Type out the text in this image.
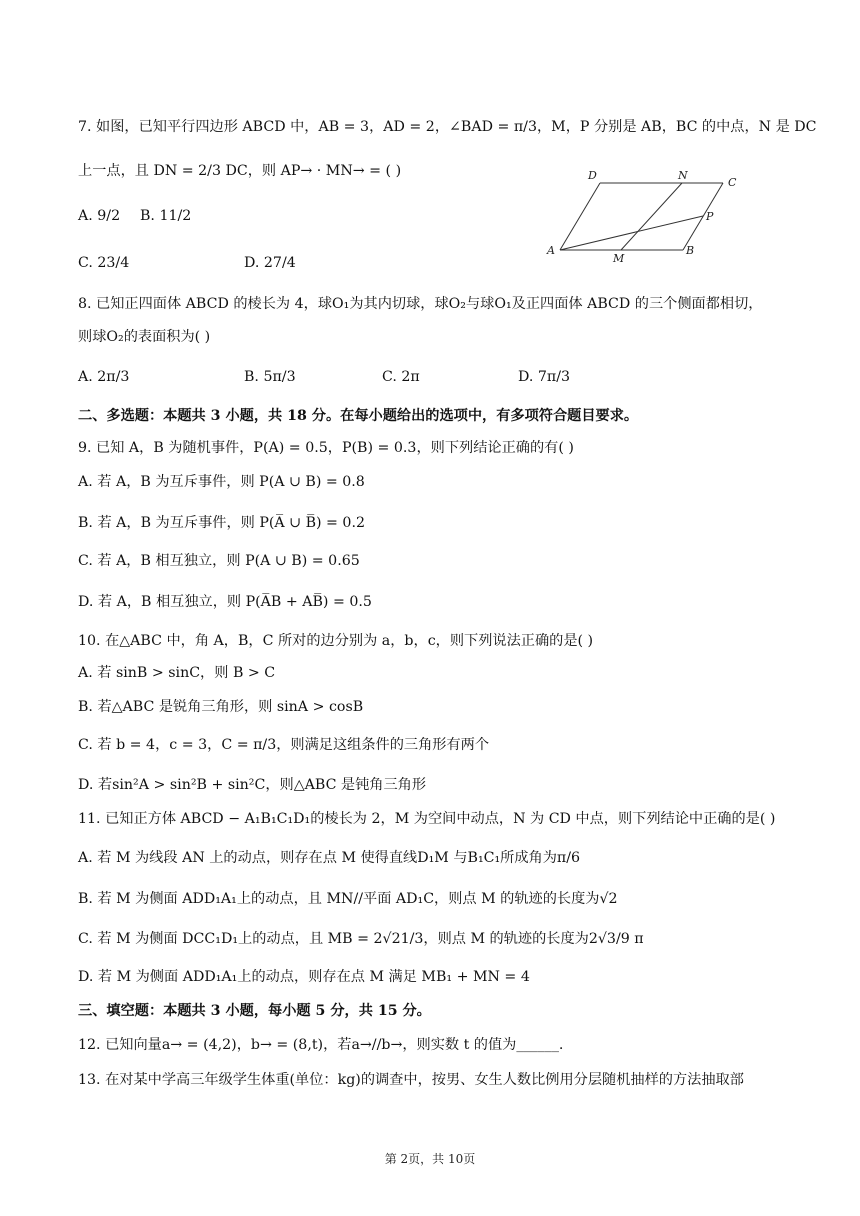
7. 如图，已知平行四边形 ABCD 中，AB = 3，AD = 2，∠BAD = π/3，M，P 分别是 AB，BC 的中点，N 是 DC
上一点，且 DN = 2/3 DC，则 AP→ · MN→ = ( )
A. 9/2 B. 11/2
C. 23/4	D. 27/4
D	N
C
P
A
M
B
8. 已知正四面体 ABCD 的棱长为 4，球O₁为其内切球，球O₂与球O₁及正四面体 ABCD 的三个侧面都相切，
则球O₂的表面积为( )
A. 2π/3	B. 5π/3	C. 2π	D. 7π/3
二、多选题：本题共 3 小题，共 18 分。在每小题给出的选项中，有多项符合题目要求。
9. 已知 A，B 为随机事件，P(A) = 0.5，P(B) = 0.3，则下列结论正确的有( )
A. 若 A，B 为互斥事件，则 P(A ∪ B) = 0.8
B. 若 A，B 为互斥事件，则 P(A̅ ∪ B̅) = 0.2
C. 若 A，B 相互独立，则 P(A ∪ B) = 0.65
D. 若 A，B 相互独立，则 P(A̅B + AB̅) = 0.5
10. 在△ABC 中，角 A，B，C 所对的边分别为 a，b，c，则下列说法正确的是( )
A. 若 sinB > sinC，则 B > C
B. 若△ABC 是锐角三角形，则 sinA > cosB
C. 若 b = 4，c = 3，C = π/3，则满足这组条件的三角形有两个
D. 若sin²A > sin²B + sin²C，则△ABC 是钝角三角形
11. 已知正方体 ABCD − A₁B₁C₁D₁的棱长为 2，M 为空间中动点，N 为 CD 中点，则下列结论中正确的是( )
A. 若 M 为线段 AN 上的动点，则存在点 M 使得直线D₁M 与B₁C₁所成角为π/6
B. 若 M 为侧面 ADD₁A₁上的动点，且 MN//平面 AD₁C，则点 M 的轨迹的长度为√2
C. 若 M 为侧面 DCC₁D₁上的动点，且 MB = 2√21/3，则点 M 的轨迹的长度为2√3/9 π
D. 若 M 为侧面 ADD₁A₁上的动点，则存在点 M 满足 MB₁ + MN = 4
三、填空题：本题共 3 小题，每小题 5 分，共 15 分。
12. 已知向量a→ = (4,2)，b→ = (8,t)，若a→//b→，则实数 t 的值为______.
13. 在对某中学高三年级学生体重(单位：kg)的调查中，按男、女生人数比例用分层随机抽样的方法抽取部
第 2页，共 10页
